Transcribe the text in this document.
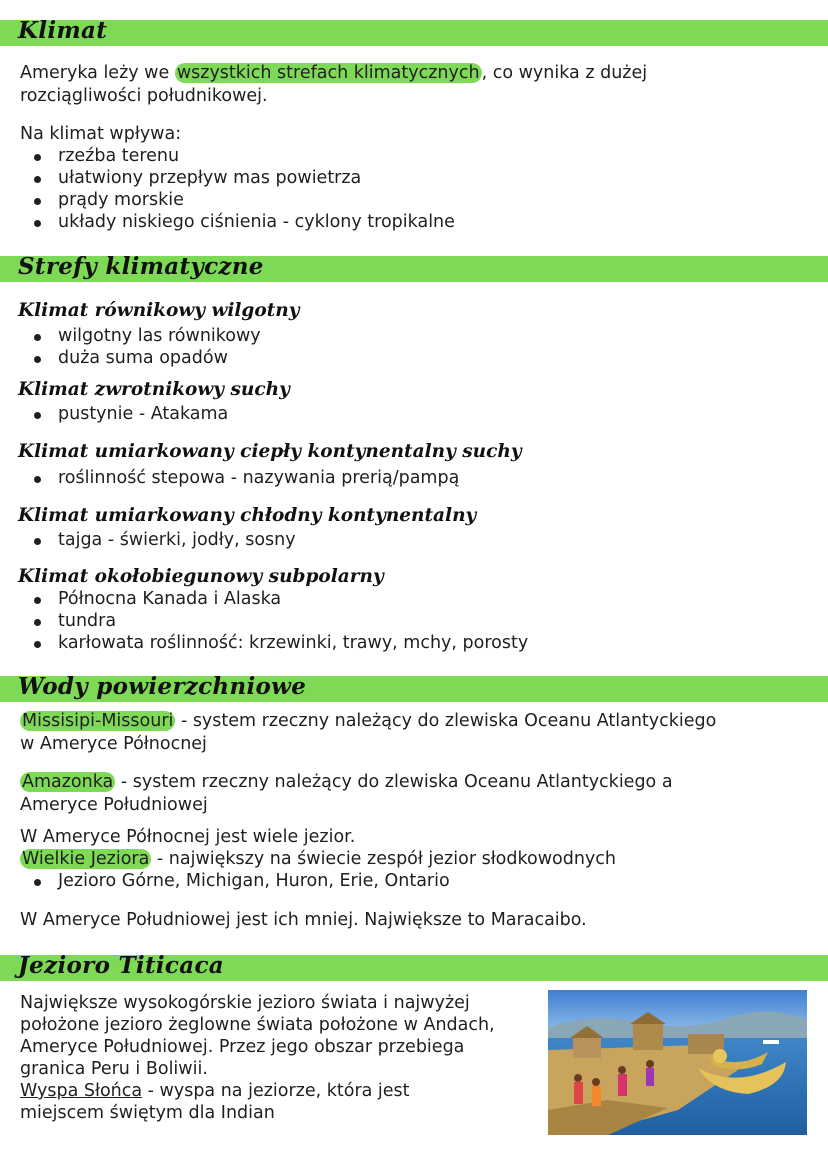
Klimat
Ameryka leży we wszystkich strefach klimatycznych , co wynika z dużej
rozciągliwości południkowej.
Na klimat wpływa:
rzeźba terenu
ułatwiony przepływ mas powietrza
prądy morskie
układy niskiego ciśnienia - cyklony tropikalne
Strefy klimatyczne
Klimat równikowy wilgotny
wilgotny las równikowy
duża suma opadów
Klimat zwrotnikowy suchy
pustynie - Atakama
Klimat umiarkowany ciepły kontynentalny suchy
roślinność stepowa - nazywania prerią/pampą
Klimat umiarkowany chłodny kontynentalny
tajga - świerki, jodły, sosny
Klimat okołobiegunowy subpolarny
Północna Kanada i Alaska
tundra
karłowata roślinność: krzewinki, trawy, mchy, porosty
Wody powierzchniowe
Missisipi-Missouri - system rzeczny należący do zlewiska Oceanu Atlantyckiego
w Ameryce Północnej
Amazonka - system rzeczny należący do zlewiska Oceanu Atlantyckiego a
Ameryce Południowej
W Ameryce Północnej jest wiele jezior.
Wielkie Jeziora - największy na świecie zespół jezior słodkowodnych
Jezioro Górne, Michigan, Huron, Erie, Ontario
W Ameryce Południowej jest ich mniej. Największe to Maracaibo.
Jezioro Titicaca
Największe wysokogórskie jezioro świata i najwyżej
położone jezioro żeglowne świata położone w Andach,
Ameryce Południowej. Przez jego obszar przebiega
granica Peru i Boliwii.
Wyspa Słońca - wyspa na jeziorze, która jest
miejscem świętym dla Indian
